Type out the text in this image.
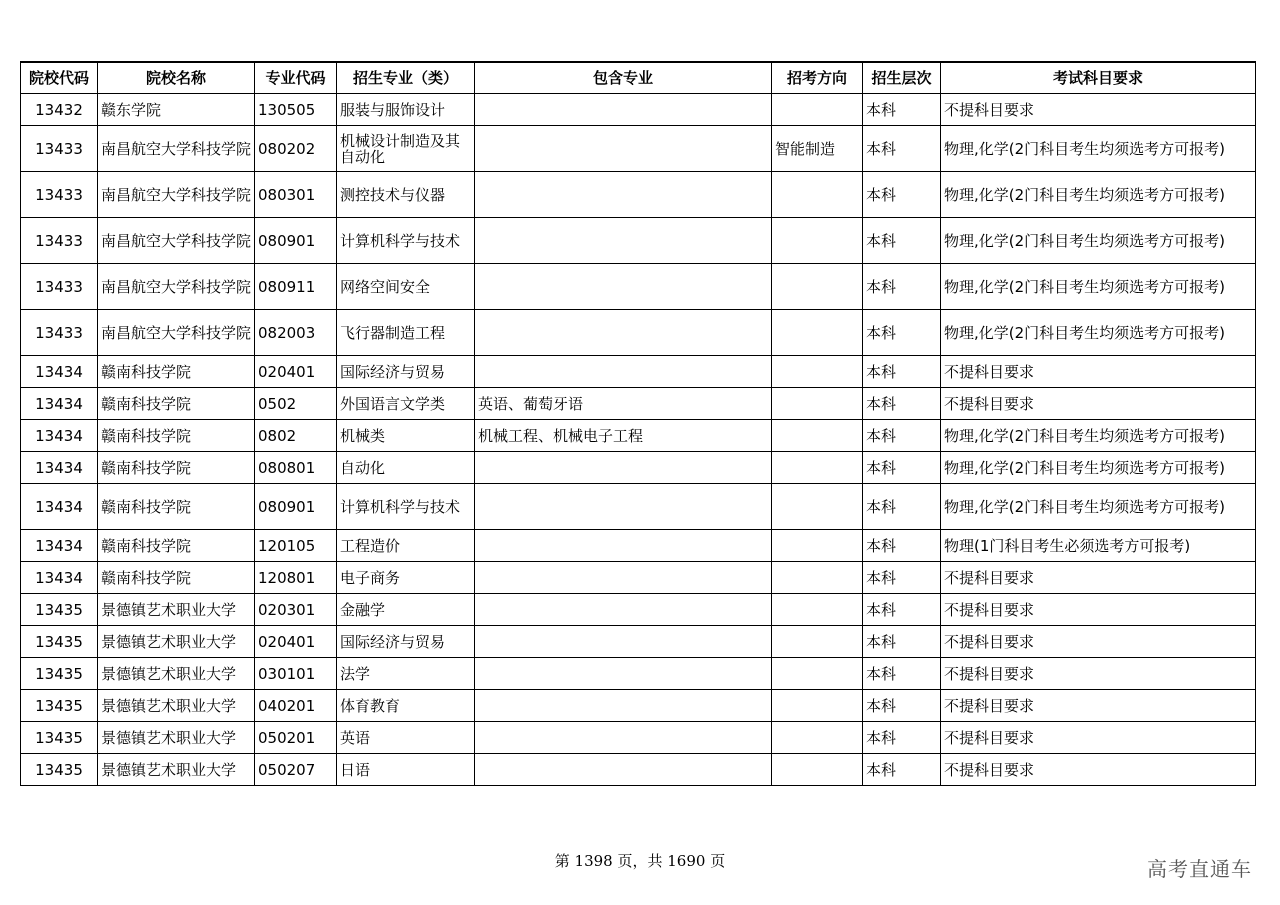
院校代码	院校名称	专业代码	招生专业（类）	包含专业	招考方向	招生层次	考试科目要求
13432	赣东学院	130505	服装与服饰设计			本科	不提科目要求
13433	南昌航空大学科技学院	080202	机械设计制造及其自动化		智能制造	本科	物理,化学(2门科目考生均须选考方可报考)
13433	南昌航空大学科技学院	080301	测控技术与仪器			本科	物理,化学(2门科目考生均须选考方可报考)
13433	南昌航空大学科技学院	080901	计算机科学与技术			本科	物理,化学(2门科目考生均须选考方可报考)
13433	南昌航空大学科技学院	080911	网络空间安全			本科	物理,化学(2门科目考生均须选考方可报考)
13433	南昌航空大学科技学院	082003	飞行器制造工程			本科	物理,化学(2门科目考生均须选考方可报考)
13434	赣南科技学院	020401	国际经济与贸易			本科	不提科目要求
13434	赣南科技学院	0502	外国语言文学类	英语、葡萄牙语		本科	不提科目要求
13434	赣南科技学院	0802	机械类	机械工程、机械电子工程		本科	物理,化学(2门科目考生均须选考方可报考)
13434	赣南科技学院	080801	自动化			本科	物理,化学(2门科目考生均须选考方可报考)
13434	赣南科技学院	080901	计算机科学与技术			本科	物理,化学(2门科目考生均须选考方可报考)
13434	赣南科技学院	120105	工程造价			本科	物理(1门科目考生必须选考方可报考)
13434	赣南科技学院	120801	电子商务			本科	不提科目要求
13435	景德镇艺术职业大学	020301	金融学			本科	不提科目要求
13435	景德镇艺术职业大学	020401	国际经济与贸易			本科	不提科目要求
13435	景德镇艺术职业大学	030101	法学			本科	不提科目要求
13435	景德镇艺术职业大学	040201	体育教育			本科	不提科目要求
13435	景德镇艺术职业大学	050201	英语			本科	不提科目要求
13435	景德镇艺术职业大学	050207	日语			本科	不提科目要求
第 1398 页，共 1690 页	高考直通车
